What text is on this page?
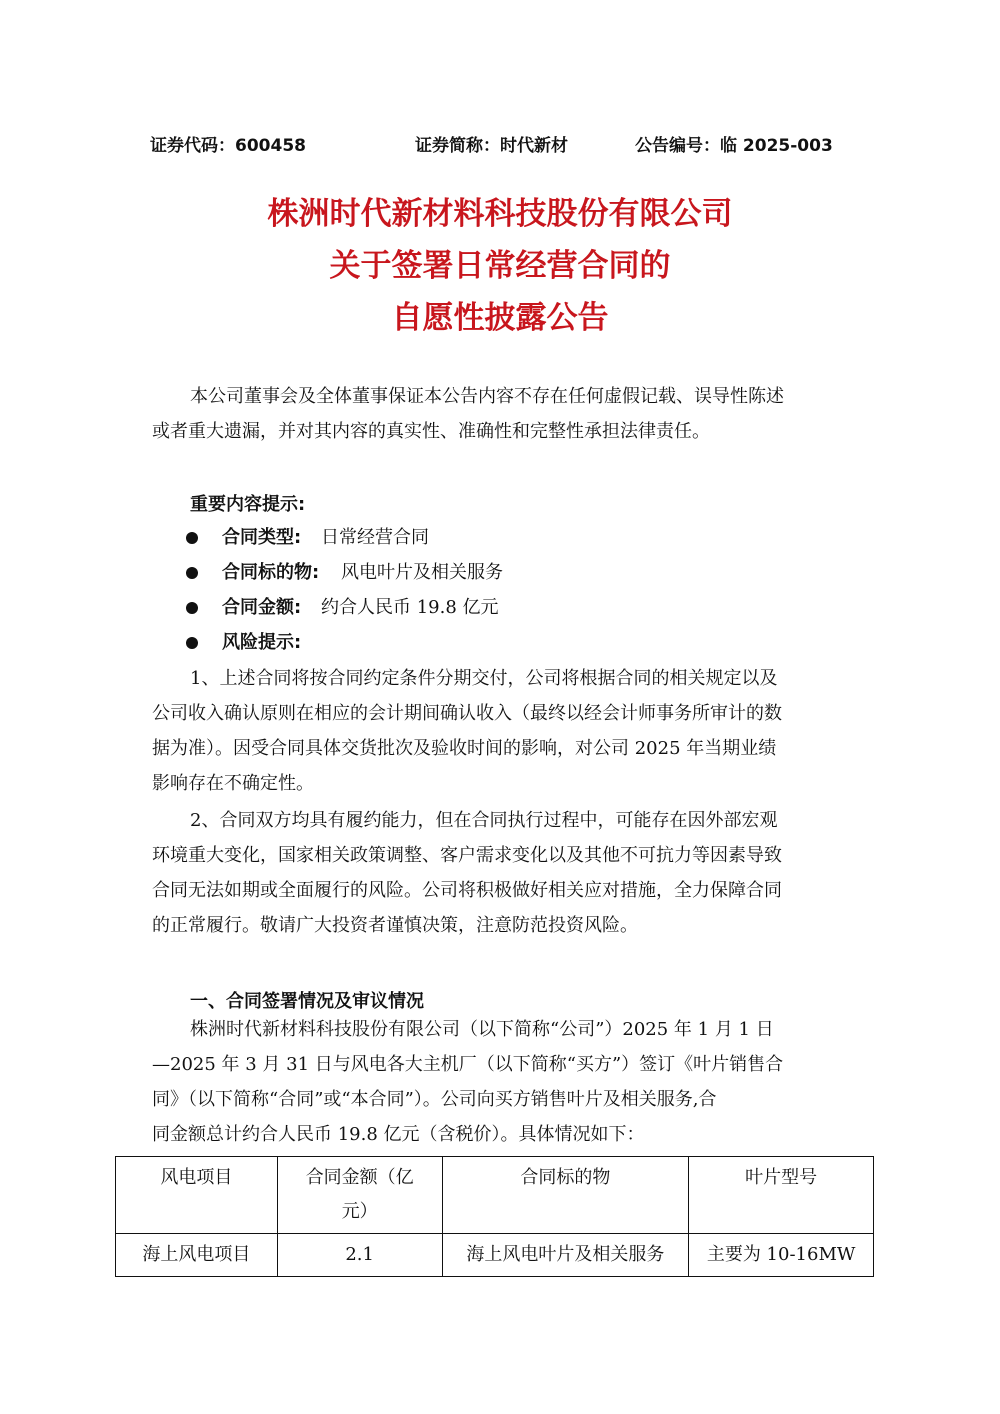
证券代码：600458	证券简称：时代新材	公告编号：临 2025-003
株洲时代新材料科技股份有限公司
关于签署日常经营合同的
自愿性披露公告
本公司董事会及全体董事保证本公告内容不存在任何虚假记载、误导性陈述
或者重大遗漏，并对其内容的真实性、准确性和完整性承担法律责任。
重要内容提示:
合同类型: 日常经营合同
合同标的物: 风电叶片及相关服务
合同金额: 约合人民币 19.8 亿元
风险提示:
1、上述合同将按合同约定条件分期交付，公司将根据合同的相关规定以及
公司收入确认原则在相应的会计期间确认收入（最终以经会计师事务所审计的数
据为准）。因受合同具体交货批次及验收时间的影响，对公司 2025 年当期业绩
影响存在不确定性。
2、合同双方均具有履约能力，但在合同执行过程中，可能存在因外部宏观
环境重大变化，国家相关政策调整、客户需求变化以及其他不可抗力等因素导致
合同无法如期或全面履行的风险。公司将积极做好相关应对措施，全力保障合同
的正常履行。敬请广大投资者谨慎决策，注意防范投资风险。
一、合同签署情况及审议情况
株洲时代新材料科技股份有限公司（以下简称“公司”）2025 年 1 月 1 日
—2025 年 3 月 31 日与风电各大主机厂（以下简称“买方”）签订《叶片销售合
同》（以下简称“合同”或“本合同”）。公司向买方销售叶片及相关服务,合
同金额总计约合人民币 19.8 亿元（含税价）。具体情况如下：
风电项目	合同金额（亿元）	合同标的物	叶片型号
海上风电项目	2.1	海上风电叶片及相关服务	主要为 10-16MW
